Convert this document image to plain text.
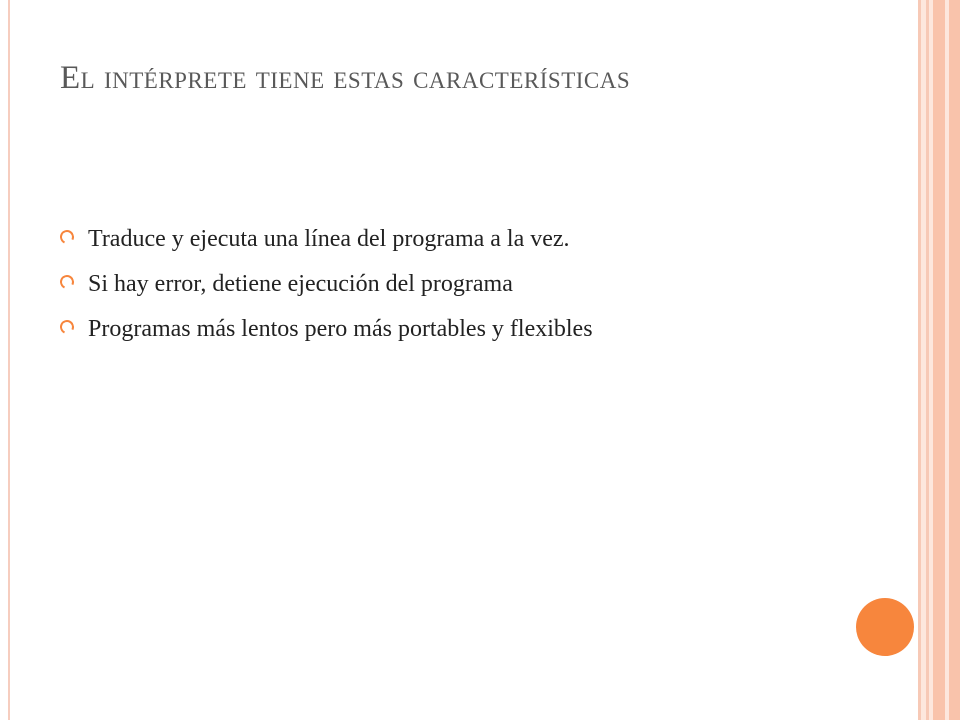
El intérprete tiene estas características
Traduce y ejecuta una línea del programa a la vez.
Si hay error, detiene ejecución del programa
Programas más lentos pero más portables y flexibles
